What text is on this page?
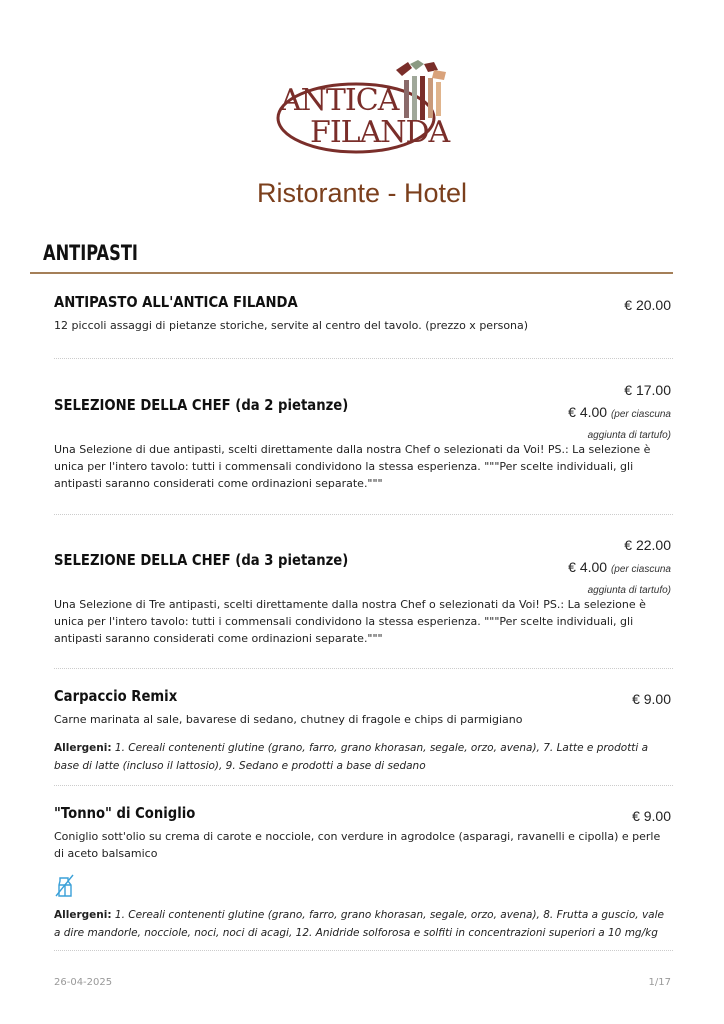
ANTICA
FILANDA
Ristorante - Hotel
ANTIPASTI
ANTIPASTO ALL'ANTICA FILANDA	€ 20.00
12 piccoli assaggi di pietanze storiche, servite al centro del tavolo. (prezzo x persona)
€ 17.00
SELEZIONE DELLA CHEF (da 2 pietanze)	€ 4.00 (per ciascuna aggiunta di tartufo)
Una Selezione di due antipasti, scelti direttamente dalla nostra Chef o selezionati da Voi! PS.: La selezione è unica per l'intero tavolo: tutti i commensali condividono la stessa esperienza. """Per scelte individuali, gli antipasti saranno considerati come ordinazioni separate."""
€ 22.00
SELEZIONE DELLA CHEF (da 3 pietanze)	€ 4.00 (per ciascuna aggiunta di tartufo)
Una Selezione di Tre antipasti, scelti direttamente dalla nostra Chef o selezionati da Voi! PS.: La selezione è unica per l'intero tavolo: tutti i commensali condividono la stessa esperienza. """Per scelte individuali, gli antipasti saranno considerati come ordinazioni separate."""
Carpaccio Remix	€ 9.00
Carne marinata al sale, bavarese di sedano, chutney di fragole e chips di parmigiano
Allergeni: 1. Cereali contenenti glutine (grano, farro, grano khorasan, segale, orzo, avena), 7. Latte e prodotti a base di latte (incluso il lattosio), 9. Sedano e prodotti a base di sedano
"Tonno" di Coniglio	€ 9.00
Coniglio sott'olio su crema di carote e nocciole, con verdure in agrodolce (asparagi, ravanelli e cipolla) e perle di aceto balsamico
Allergeni: 1. Cereali contenenti glutine (grano, farro, grano khorasan, segale, orzo, avena), 8. Frutta a guscio, vale a dire mandorle, nocciole, noci, noci di acagi, 12. Anidride solforosa e solfiti in concentrazioni superiori a 10 mg/kg
26-04-2025	1/17
